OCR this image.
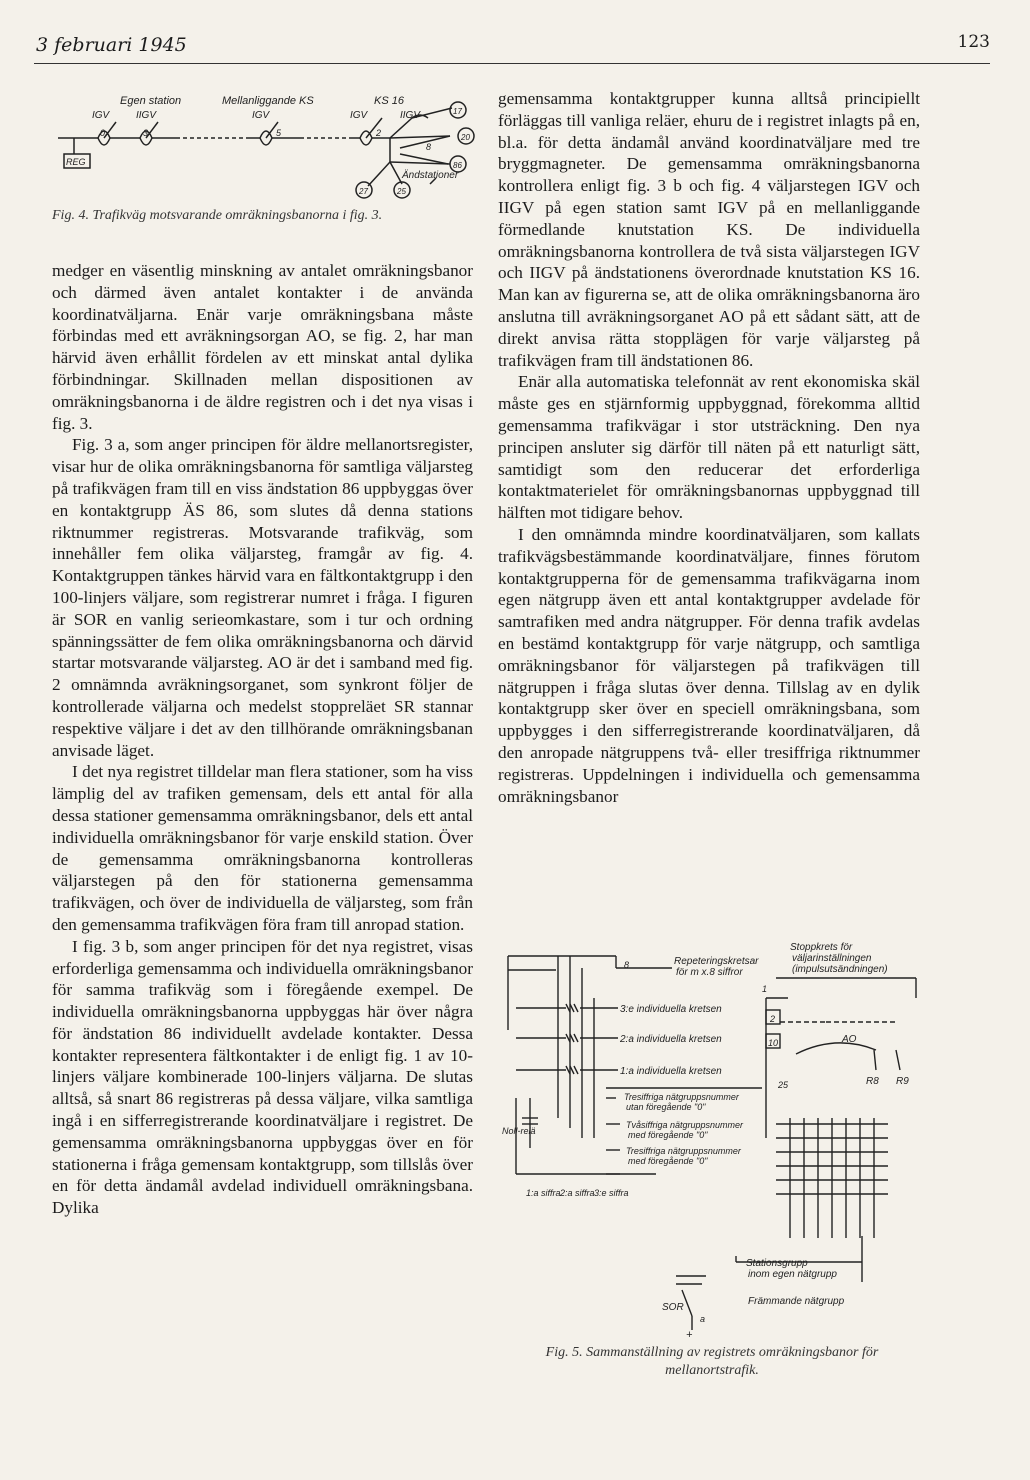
3 februari 1945	123
Egen station	Mellanliggande KS	KS 16
IGV	IIGV	IGV	IGV	IIGV
REG
0	3	5	2
8
Ändstationer
17
20
86
27	25
Fig. 4. Trafikväg motsvarande omräkningsbanorna i fig. 3.

medger en väsentlig minskning av antalet omräkningsbanor och därmed även antalet kontakter i de använda koordinatväljarna. Enär varje omräkningsbana måste förbindas med ett avräkningsorgan AO, se fig. 2, har man härvid även erhållit fördelen av ett minskat antal dylika förbindningar. Skillnaden mellan dispositionen av omräkningsbanorna i de äldre registren och i det nya visas i fig. 3.

Fig. 3 a, som anger principen för äldre mellanortsregister, visar hur de olika omräkningsbanorna för samtliga väljarsteg på trafikvägen fram till en viss ändstation 86 uppbyggas över en kontaktgrupp ÄS 86, som slutes då denna stations riktnummer registreras. Motsvarande trafikväg, som innehåller fem olika väljarsteg, framgår av fig. 4. Kontaktgruppen tänkes härvid vara en fältkontaktgrupp i den 100-linjers väljare, som registrerar numret i fråga. I figuren är SOR en vanlig serieomkastare, som i tur och ordning spänningssätter de fem olika omräkningsbanorna och därvid startar motsvarande väljarsteg. AO är det i samband med fig. 2 omnämnda avräkningsorganet, som synkront följer de kontrollerade väljarna och medelst stoppreläet SR stannar respektive väljare i det av den tillhörande omräkningsbanan anvisade läget.

I det nya registret tilldelar man flera stationer, som ha viss lämplig del av trafiken gemensam, dels ett antal för alla dessa stationer gemensamma omräkningsbanor, dels ett antal individuella omräkningsbanor för varje enskild station. Över de gemensamma omräkningsbanorna kontrolleras väljarstegen på den för stationerna gemensamma trafikvägen, och över de individuella de väljarsteg, som från den gemensamma trafikvägen föra fram till anropad station.

I fig. 3 b, som anger principen för det nya registret, visas erforderliga gemensamma och individuella omräkningsbanor för samma trafikväg som i föregående exempel. De individuella omräkningsbanorna uppbyggas här över några för ändstation 86 individuellt avdelade kontakter. Dessa kontakter representera fältkontakter i de enligt fig. 1 av 10-linjers väljare kombinerade 100-linjers väljarna. De slutas alltså, så snart 86 registreras på dessa väljare, vilka samtliga ingå i en sifferregistrerande koordinatväljare i registret. De gemensamma omräkningsbanorna uppbyggas över en för stationerna i fråga gemensam kontaktgrupp, som tillslås över en för detta ändamål avdelad individuell omräkningsbana. Dylika

gemensamma kontaktgrupper kunna alltså principiellt förläggas till vanliga reläer, ehuru de i registret inlagts på en, bl.a. för detta ändamål använd koordinatväljare med tre bryggmagneter. De gemensamma omräkningsbanorna kontrollera enligt fig. 3 b och fig. 4 väljarstegen IGV och IIGV på egen station samt IGV på en mellanliggande förmedlande knutstation KS. De individuella omräkningsbanorna kontrollera de två sista väljarstegen IGV och IIGV på ändstationens överordnade knutstation KS 16. Man kan av figurerna se, att de olika omräkningsbanorna äro anslutna till avräkningsorganet AO på ett sådant sätt, att de direkt anvisa rätta stopplägen för varje väljarsteg på trafikvägen fram till ändstationen 86.

Enär alla automatiska telefonnät av rent ekonomiska skäl måste ges en stjärnformig uppbyggnad, förekomma alltid gemensamma trafikvägar i stor utsträckning. Den nya principen ansluter sig därför till näten på ett naturligt sätt, samtidigt som den reducerar det erforderliga kontaktmaterielet för omräkningsbanornas uppbyggnad till hälften mot tidigare behov.

I den omnämnda mindre koordinatväljaren, som kallats trafikvägsbestämmande koordinatväljare, finnes förutom kontaktgrupperna för de gemensamma trafikvägarna inom egen nätgrupp även ett antal kontaktgrupper avdelade för samtrafiken med andra nätgrupper. För denna trafik avdelas en bestämd kontaktgrupp för varje nätgrupp, och samtliga omräkningsbanor för väljarstegen på trafikvägen till nätgruppen i fråga slutas över denna. Tillslag av en dylik kontaktgrupp sker över en speciell omräkningsbana, som uppbygges i den sifferregistrerande koordinatväljaren, då den anropade nätgruppens två- eller tresiffriga riktnummer registreras. Uppdelningen i individuella och gemensamma omräkningsbanor

Stoppkrets för
väljarinställningen
(impulsutsändningen)
Repeteringskretsar
för m x.8 siffror
3:e individuella kretsen
2:a individuella kretsen
1:a individuella kretsen
Tresiffriga nätgruppsnummer
utan föregående "0"
Tvåsiffriga nätgruppsnummer
med föregående "0"
Tresiffriga nätgruppsnummer
med föregående "0"
Noll-relä
1:a siffra 2:a siffra 3:e siffra
AO
R8 R9
Stationsgrupp
inom egen nätgrupp
Främmande nätgrupp
SOR
1
2
10
8
a
+
25
Fig. 5. Sammanställning av registrets omräkningsbanor för mellanortstrafik.
